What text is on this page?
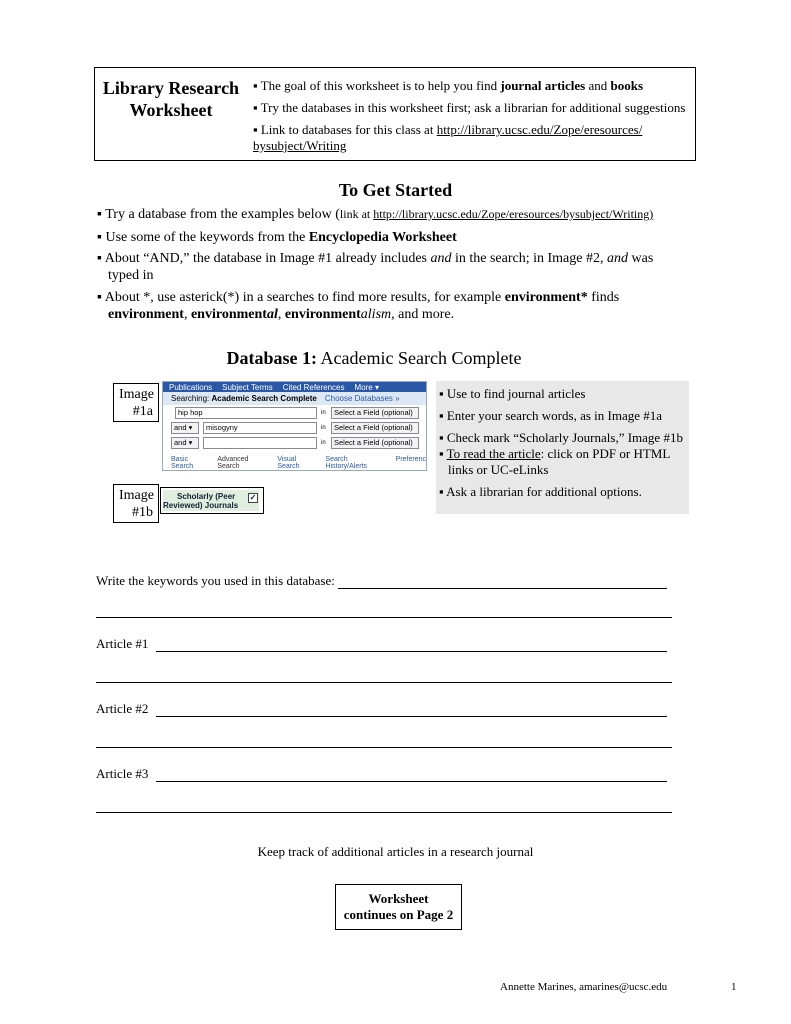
Library Research
Worksheet
▪ The goal of this worksheet is to help you find journal articles and books
▪ Try the databases in this worksheet first; ask a librarian for additional suggestions
▪ Link to databases for this class at http://library.ucsc.edu/Zope/eresources/
bysubject/Writing
To Get Started
▪ Try a database from the examples below (link at http://library.ucsc.edu/Zope/eresources/bysubject/Writing)
▪ Use some of the keywords from the Encyclopedia Worksheet
▪ About “AND,” the database in Image #1 already includes and in the search; in Image #2, and was
typed in
▪ About *, use asterick(*) in a searches to find more results, for example environment* finds
environment, environmental, environmentalism, and more.
Database 1: Academic Search Complete
Image
#1a
Publications Subject Terms Cited References More ▾
Searching: Academic Search Complete Choose Databases »
hip hop	in	Select a Field (optional)
and ▾	misogyny	in	Select a Field (optional)
and ▾	in	Select a Field (optional)
Basic Search
Advanced Search
Visual Search
Search History/Alerts
Preferenc
Image
#1b
Scholarly (Peer
Reviewed) Journals
✓
▪ Use to find journal articles
▪ Enter your search words, as in Image #1a
▪ Check mark “Scholarly Journals,” Image #1b
▪ To read the article: click on PDF or HTML
links or UC-eLinks
▪ Ask a librarian for additional options.
Write the keywords you used in this database:
Article #1
Article #2
Article #3
Keep track of additional articles in a research journal
Worksheet
continues on Page 2
Annette Marines, amarines@ucsc.edu	1
